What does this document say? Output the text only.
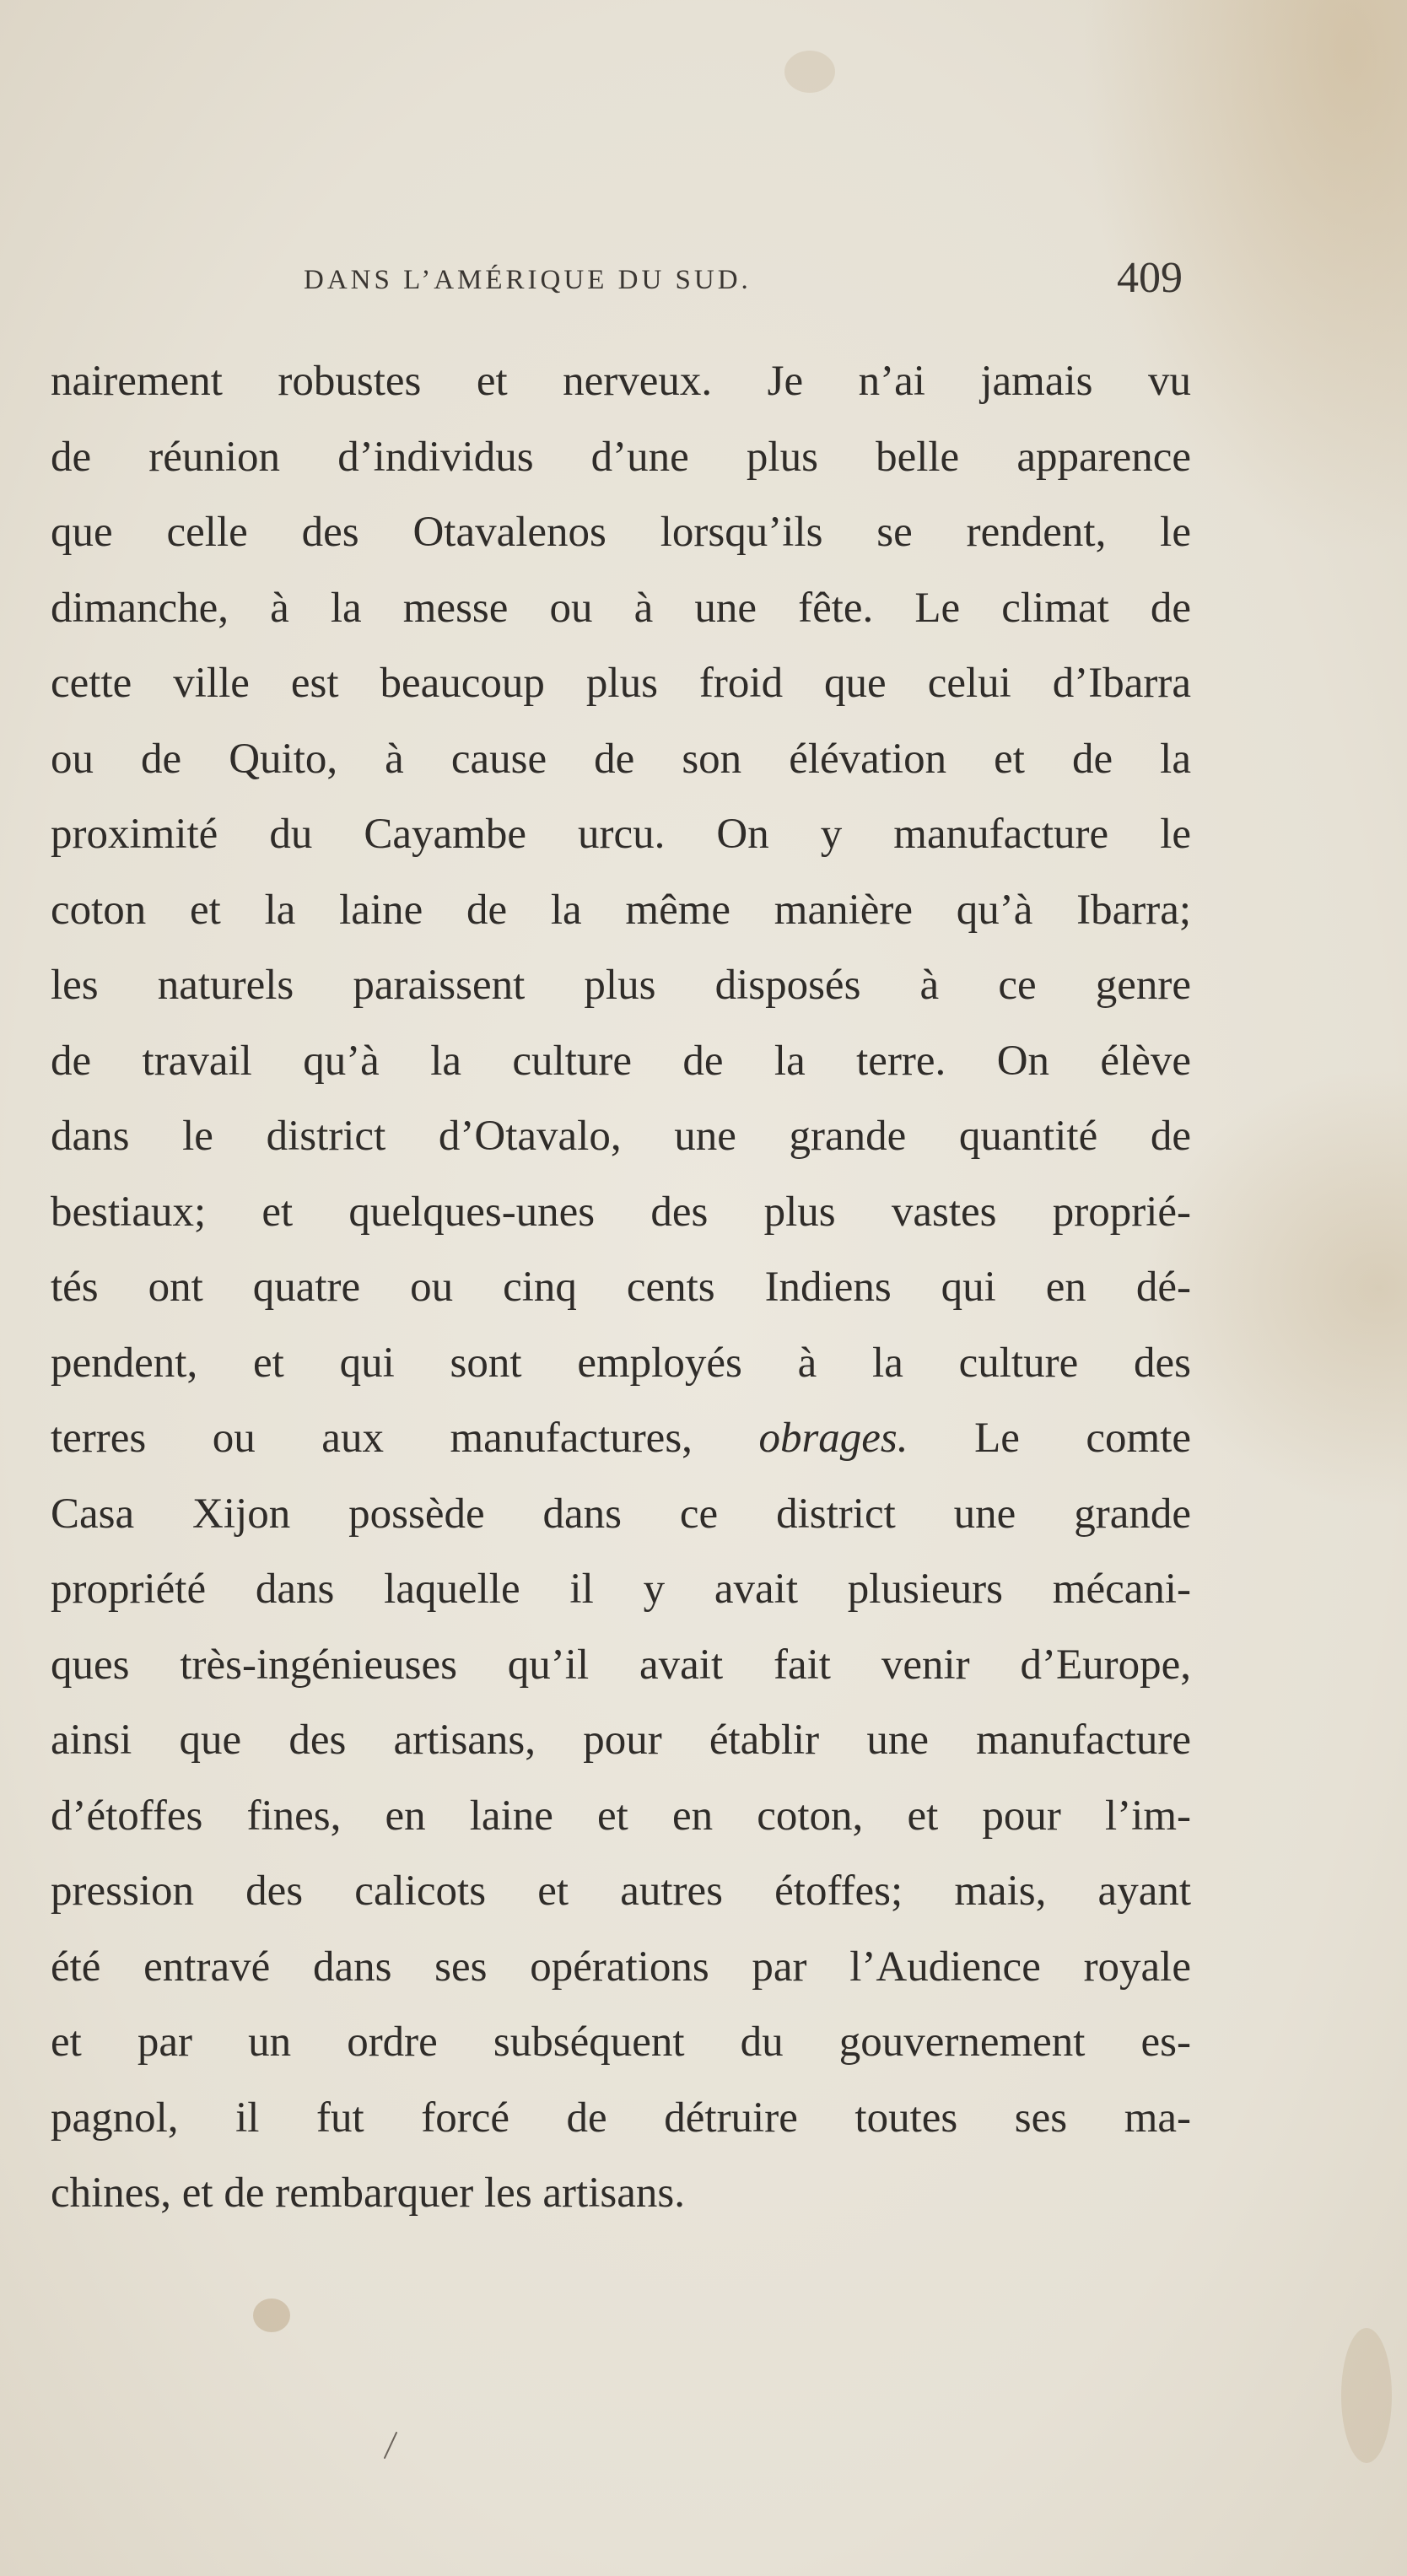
DANS L’AMÉRIQUE DU SUD.	409
nairement robustes et nerveux. Je n’ai jamais vu
de réunion d’individus d’une plus belle apparence
que celle des Otavalenos lorsqu’ils se rendent, le
dimanche, à la messe ou à une fête. Le climat de
cette ville est beaucoup plus froid que celui d’Ibarra
ou de Quito, à cause de son élévation et de la
proximité du Cayambe urcu. On y manufacture le
coton et la laine de la même manière qu’à Ibarra;
les naturels paraissent plus disposés à ce genre
de travail qu’à la culture de la terre. On élève
dans le district d’Otavalo, une grande quantité de
bestiaux; et quelques-unes des plus vastes proprié-
tés ont quatre ou cinq cents Indiens qui en dé-
pendent, et qui sont employés à la culture des
terres ou aux manufactures, obrages. Le comte
Casa Xijon possède dans ce district une grande
propriété dans laquelle il y avait plusieurs mécani-
ques très-ingénieuses qu’il avait fait venir d’Europe,
ainsi que des artisans, pour établir une manufacture
d’étoffes fines, en laine et en coton, et pour l’im-
pression des calicots et autres étoffes; mais, ayant
été entravé dans ses opérations par l’Audience royale
et par un ordre subséquent du gouvernement es-
pagnol, il fut forcé de détruire toutes ses ma-
chines, et de rembarquer les artisans.
